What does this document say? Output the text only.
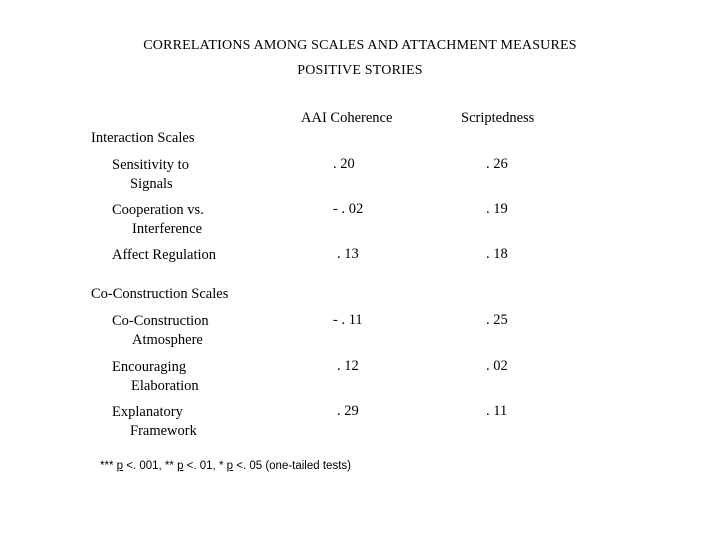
CORRELATIONS AMONG SCALES AND ATTACHMENT MEASURES
POSITIVE STORIES
AAI Coherence	Scriptedness
Interaction Scales
Sensitivity to
Signals
. 20	. 26
Cooperation vs.
Interference
- . 02	. 19
Affect Regulation	. 13	. 18
Co-Construction Scales
Co-Construction
Atmosphere
- . 11	. 25
Encouraging
Elaboration
. 12	. 02
Explanatory
Framework
. 29	. 11
*** p <. 001, ** p <. 01, * p <. 05 (one-tailed tests)
